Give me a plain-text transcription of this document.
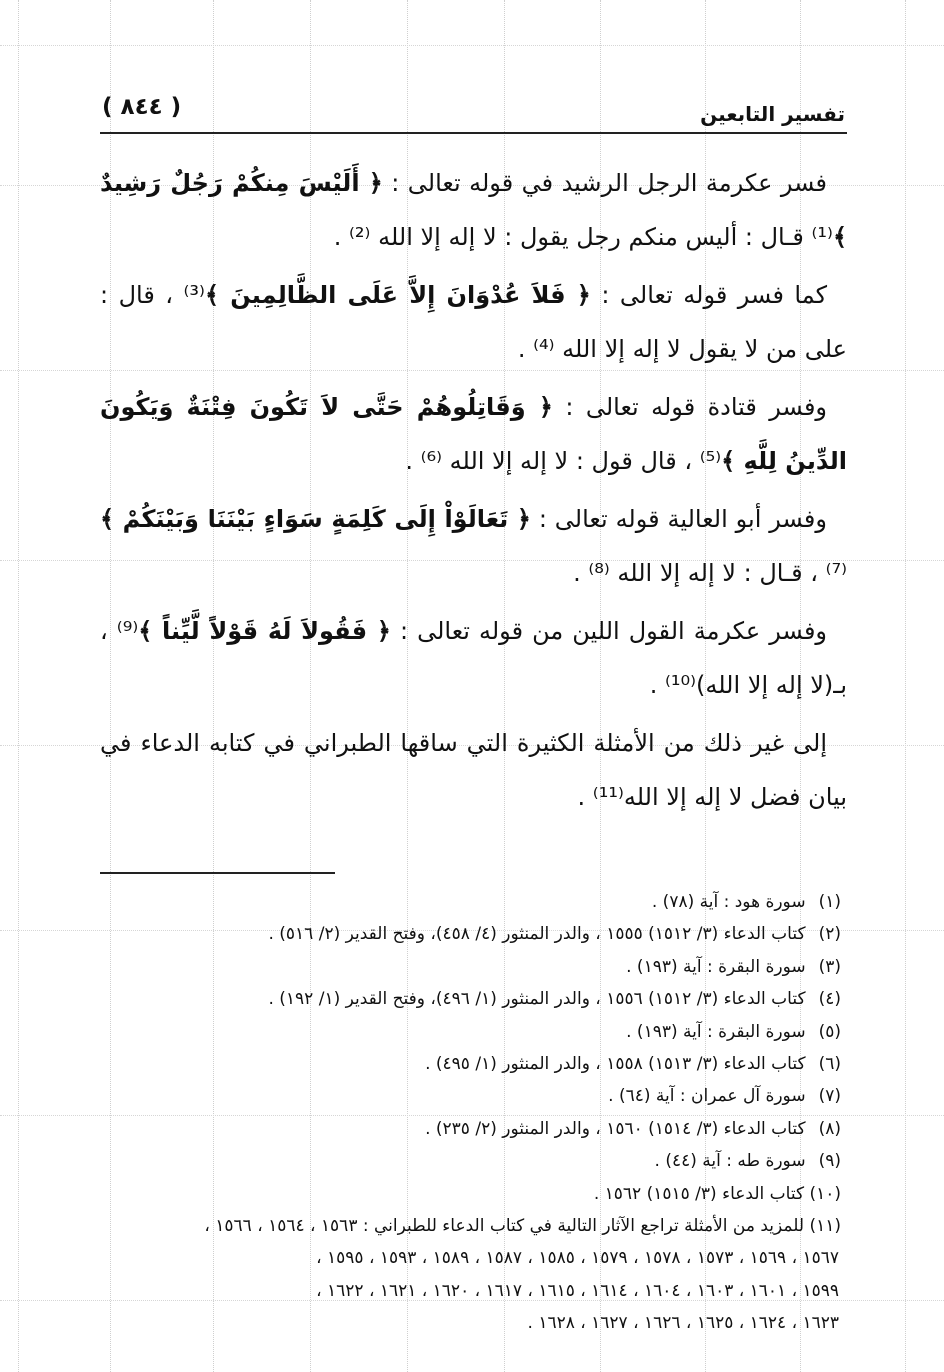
تفسير التابعين
( ٨٤٤ )

فسر عكرمة الرجل الرشيد في قوله تعالى : ﴿ أَلَيْسَ مِنكُمْ رَجُلٌ رَشِيدٌ ﴾⁽¹⁾ قـال : أليس منكم رجل يقول : لا إله إلا الله ⁽²⁾ .

كما فسر قوله تعالى : ﴿ فَلاَ عُدْوَانَ إِلاَّ عَلَى الظَّالِمِينَ ﴾⁽³⁾ ، قال : على من لا يقول لا إله إلا الله ⁽⁴⁾ .

وفسر قتادة قوله تعالى : ﴿ وَقَاتِلُوهُمْ حَتَّى لاَ تَكُونَ فِتْنَةٌ وَيَكُونَ الدِّينُ لِلَّهِ ﴾⁽⁵⁾ ، قال قول : لا إله إلا الله ⁽⁶⁾ .

وفسر أبو العالية قوله تعالى : ﴿ تَعَالَوْاْ إِلَى كَلِمَةٍ سَوَاءٍ بَيْنَنَا وَبَيْنَكُمْ ﴾⁽⁷⁾ ، قـال : لا إله إلا الله ⁽⁸⁾ .

وفسر عكرمة القول اللين من قوله تعالى : ﴿ فَقُولاَ لَهُ قَوْلاً لَّيِّناً ﴾⁽⁹⁾ ، بـ(لا إله إلا الله)⁽¹⁰⁾ .

إلى غير ذلك من الأمثلة الكثيرة التي ساقها الطبراني في كتابه الدعاء في بيان فضل لا إله إلا الله⁽¹¹⁾ .

(١) سورة هود : آية (٧٨) .

(٢) كتاب الدعاء (٣/ ١٥١٢) ١٥٥٥ ، والدر المنثور (٤/ ٤٥٨)، وفتح القدير (٢/ ٥١٦) .

(٣) سورة البقرة : آية (١٩٣) .

(٤) كتاب الدعاء (٣/ ١٥١٢) ١٥٥٦ ، والدر المنثور (١/ ٤٩٦)، وفتح القدير (١/ ١٩٢) .

(٥) سورة البقرة : آية (١٩٣) .

(٦) كتاب الدعاء (٣/ ١٥١٣) ١٥٥٨ ، والدر المنثور (١/ ٤٩٥) .

(٧) سورة آل عمران : آية (٦٤) .

(٨) كتاب الدعاء (٣/ ١٥١٤) ١٥٦٠ ، والدر المنثور (٢/ ٢٣٥) .

(٩) سورة طه : آية (٤٤) .

(١٠) كتاب الدعاء (٣/ ١٥١٥) ١٥٦٢ .

(١١) للمزيد من الأمثلة تراجع الآثار التالية في كتاب الدعاء للطبراني : ١٥٦٣ ، ١٥٦٤ ، ١٥٦٦ ،

١٥٦٧ ، ١٥٦٩ ، ١٥٧٣ ، ١٥٧٨ ، ١٥٧٩ ، ١٥٨٥ ، ١٥٨٧ ، ١٥٨٩ ، ١٥٩٣ ، ١٥٩٥ ،

١٥٩٩ ، ١٦٠١ ، ١٦٠٣ ، ١٦٠٤ ، ١٦١٤ ، ١٦١٥ ، ١٦١٧ ، ١٦٢٠ ، ١٦٢١ ، ١٦٢٢ ،

١٦٢٣ ، ١٦٢٤ ، ١٦٢٥ ، ١٦٢٦ ، ١٦٢٧ ، ١٦٢٨ .
